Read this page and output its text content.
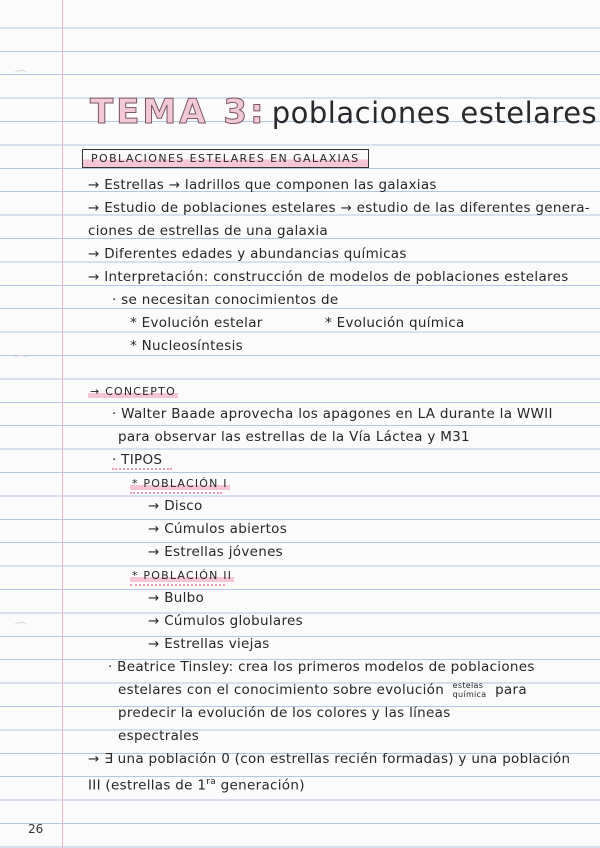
TEMA 3: poblaciones estelares
POBLACIONES ESTELARES EN GALAXIAS
→ Estrellas → ladrillos que componen las galaxias
→ Estudio de poblaciones estelares → estudio de las diferentes genera-
ciones de estrellas de una galaxia
→ Diferentes edades y abundancias químicas
→ Interpretación: construcción de modelos de poblaciones estelares
· se necesitan conocimientos de
* Evolución estelar	* Evolución química
* Nucleosíntesis
→ CONCEPTO
· Walter Baade aprovecha los apagones en LA durante la WWII
para observar las estrellas de la Vía Láctea y M31
· TIPOS
* POBLACIÓN I
→ Disco
→ Cúmulos abiertos
→ Estrellas jóvenes
* POBLACIÓN II
→ Bulbo
→ Cúmulos globulares
→ Estrellas viejas
· Beatrice Tinsley: crea los primeros modelos de poblaciones
estelares con el conocimiento sobre evolución estelas
química para
predecir la evolución de los colores y las líneas
espectrales
→ ∃ una población 0 (con estrellas recién formadas) y una población
III (estrellas de $1^{ra}$ generación)
26
